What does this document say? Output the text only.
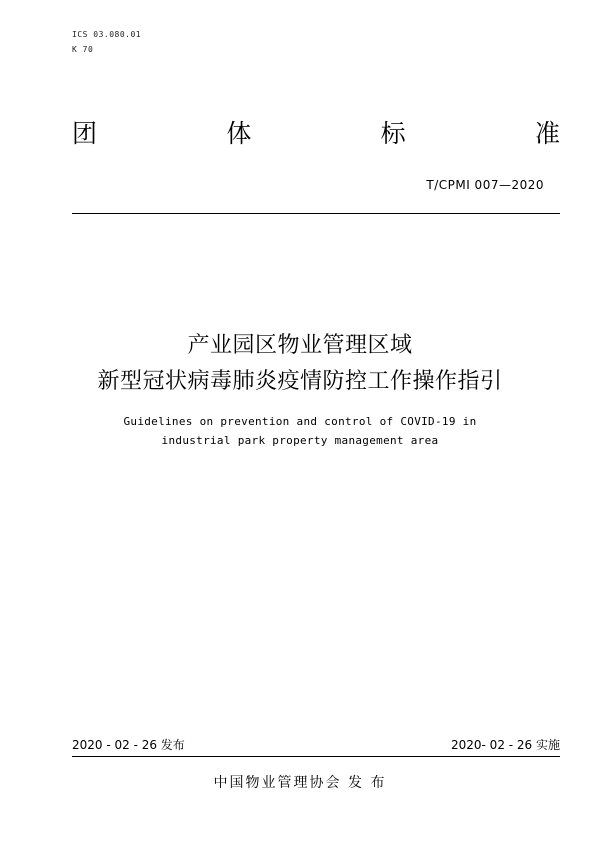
ICS 03.080.01
K 70
团	体	标	准
T/CPMI 007—2020
产业园区物业管理区域
新型冠状病毒肺炎疫情防控工作操作指引
Guidelines on prevention and control of COVID-19 in
industrial park property management area
2020 - 02 - 26 发布	2020- 02 - 26 实施
中国物业管理协会 发 布
